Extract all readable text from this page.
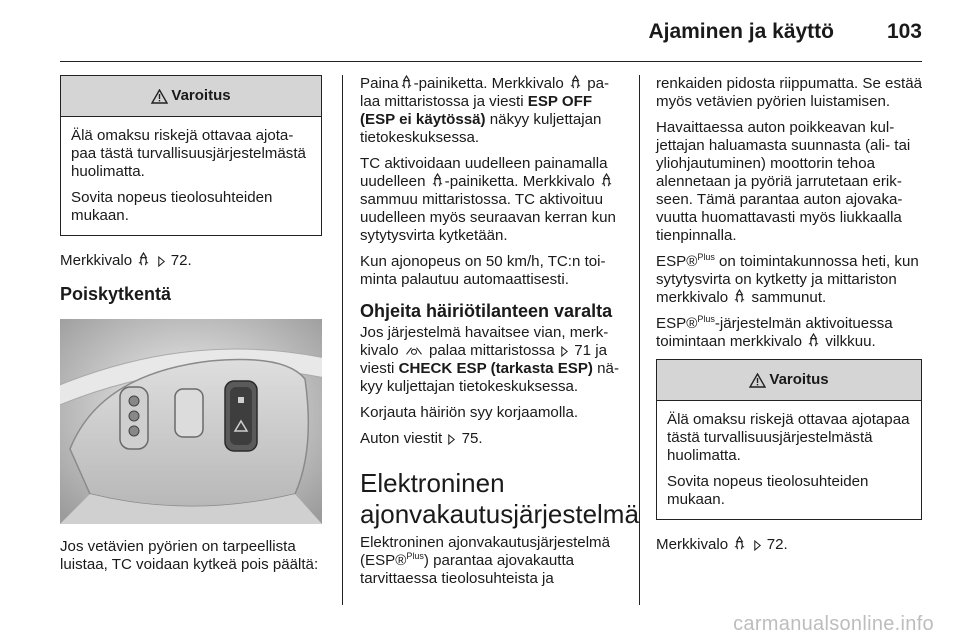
Ajaminen ja käyttö	103
Varoitus

Älä omaksu riskejä ottavaa ajotapaa tästä turvallisuusjärjestelmästä huolimatta.

Sovita nopeus tieolosuhteiden mukaan.

Merkkivalo	72.

Poiskytkentä

Jos vetävien pyörien on tarpeellista luistaa, TC voidaan kytkeä pois päältä:

Paina -painiketta. Merkkivalo palaa mittaristossa ja viesti ESP OFF (ESP ei käytössä) näkyy kuljettajan tietokeskuksessa.

TC aktivoidaan uudelleen painamalla uudelleen -painiketta. Merkkivalo  sammuu mittaristossa. TC aktivoituu uudelleen myös seuraavan kerran kun sytytysvirta kytketään.

Kun ajonopeus on 50 km/h, TC:n toiminta palautuu automaattisesti.

Ohjeita häiriötilanteen varalta

Jos järjestelmä havaitsee vian, merkkivalo palaa mittaristossa 71 ja viesti CHECK ESP (tarkasta ESP) näkyy kuljettajan tietokeskuksessa.

Korjauta häiriön syy korjaamolla.

Auton viestit 75.

Elektroninen
ajonvakautusjärjestelmä

Elektroninen ajonvakautusjärjestelmä (ESP®$^{Plus}$) parantaa ajovakautta tarvittaessa tieolosuhteista ja

renkaiden pidosta riippumatta. Se estää myös vetävien pyörien luistamisen.

Havaittaessa auton poikkeavan kuljettajan haluamasta suunnasta (ali- tai yliohjautuminen) moottorin tehoa alennetaan ja pyöriä jarrutetaan erikseen. Tämä parantaa auton ajovakavuutta huomattavasti myös liukkaalla tienpinnalla.

ESP®$^{Plus}$ on toimintakunnossa heti, kun sytytysvirta on kytketty ja mittariston merkkivalo sammunut.

ESP®$^{Plus}$-järjestelmän aktivoituessa toimintaan merkkivalo vilkkuu.

Varoitus

Älä omaksu riskejä ottavaa ajotapaa tästä turvallisuusjärjestelmästä huolimatta.

Sovita nopeus tieolosuhteiden mukaan.

Merkkivalo	72.

carmanualsonline.info
